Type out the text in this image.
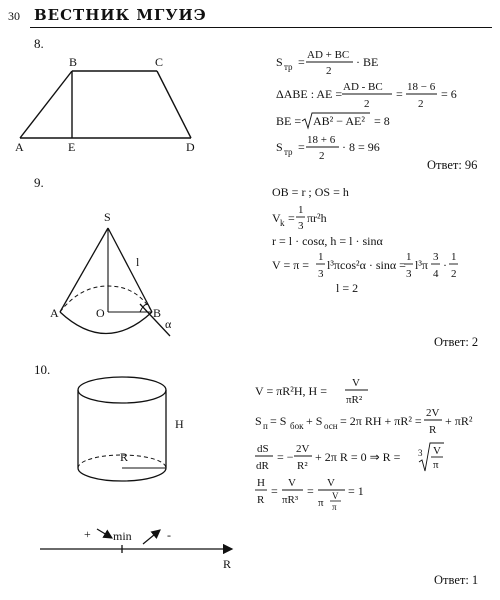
30 ВЕСТНИК МГУИЭ
8.
9.
10.
Ответ: 96
Ответ: 2
Ответ: 1
B	C
A	E	D
S тр = AD + BC
2
· BE
ΔABE : AE = AD - BC
2
= 18 − 6
2
= 6
BE = AB² − AE² = 8
S тр = 18 + 6
2
· 8 = 96
S
A	O	B
l
α
OB = r ; OS = h
V k =
1
3
πr²h
r = l · cosα, h = l · sinα
V = π =
1
3
l³πcos²α · sinα =
1
3
l³π
3
4
·
1
2
l = 2
H
R
+ min	-
R
V = πR²H, H =
V
πR²
S п = S бок + S осн = 2π RH + πR² =
2V
R
+ πR²
dS
dR
= −
2V
R²
+ 2π R = 0 ⇒ R = 3 V
π
H
R
=
V
πR³
=
V
π
V
π
= 1
